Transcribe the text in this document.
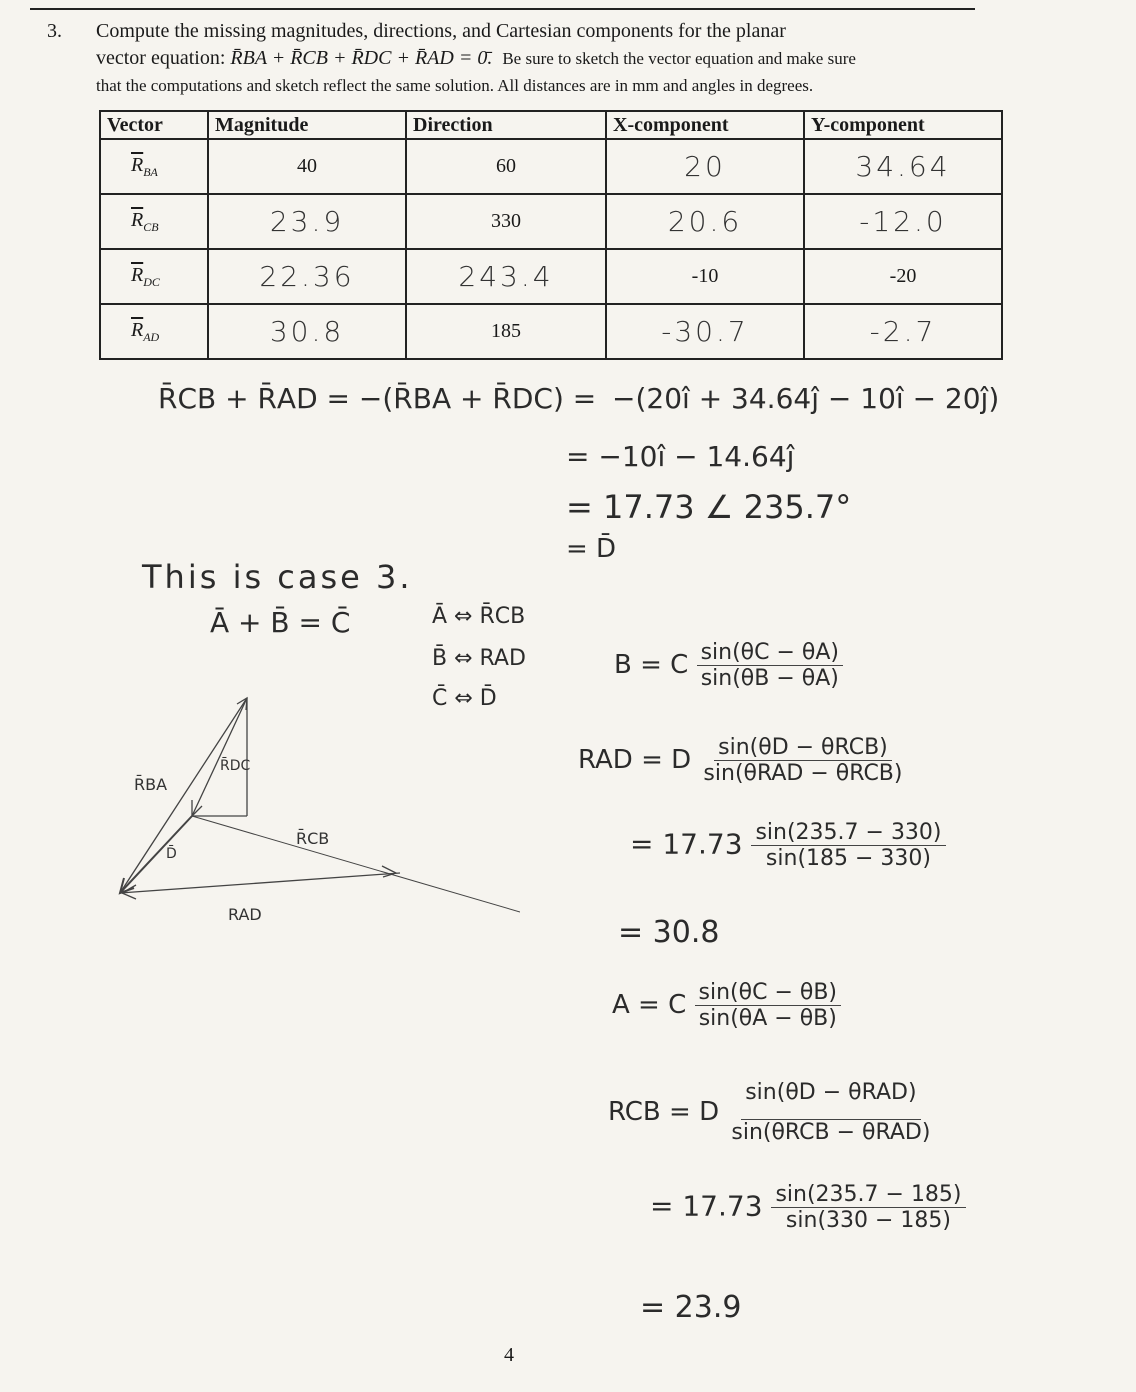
3. Compute the missing magnitudes, directions, and Cartesian components for the planar
vector equation: R̄BA + R̄CB + R̄DC + R̄AD = 0̄. Be sure to sketch the vector equation and make sure
that the computations and sketch reflect the same solution. All distances are in mm and angles in degrees.
Vector	Magnitude	Direction	X-component	Y-component
$\overline{R}_{BA}$	40	60	20	34.64
$\overline{R}_{CB}$	23.9	330	20.6	-12.0
$\overline{R}_{DC}$	22.36	243.4	-10	-20
$\overline{R}_{AD}$	30.8	185	-30.7	-2.7
R̄CB + R̄AD = −(R̄BA + R̄DC) = −(20î + 34.64ĵ − 10î − 20ĵ)
= −10î − 14.64ĵ
= 17.73 ∠ 235.7°
= D̄
This is case 3.
Ā + B̄ = C̄	Ā ⇔ R̄CB
B̄ ⇔ RAD
C̄ ⇔ D̄
B = C $\frac{\sin(\theta C - \theta A)}{\sin(\theta B - \theta A)}$
RAD = D $\frac{\text{sin(θD − θRCB)}}{\text{sin(θRAD − θRCB)}}$
= $17.73 \frac{\sin(235.7 - 330)}{\sin(185 - 330)}$
= 30.8
A = C $\frac{\sin(\theta C - \theta B)}{\sin(\theta A - \theta B)}$
RCB = D $\frac{\text{sin(θD − θRAD)}}{\text{sin(θRCB − θRAD)}}$
= $17.73 \frac{\sin(235.7 - 185)}{\sin(330 - 185)}$
= 23.9
R̄BA
R̄DC
R̄CB
D̄
RAD
4
